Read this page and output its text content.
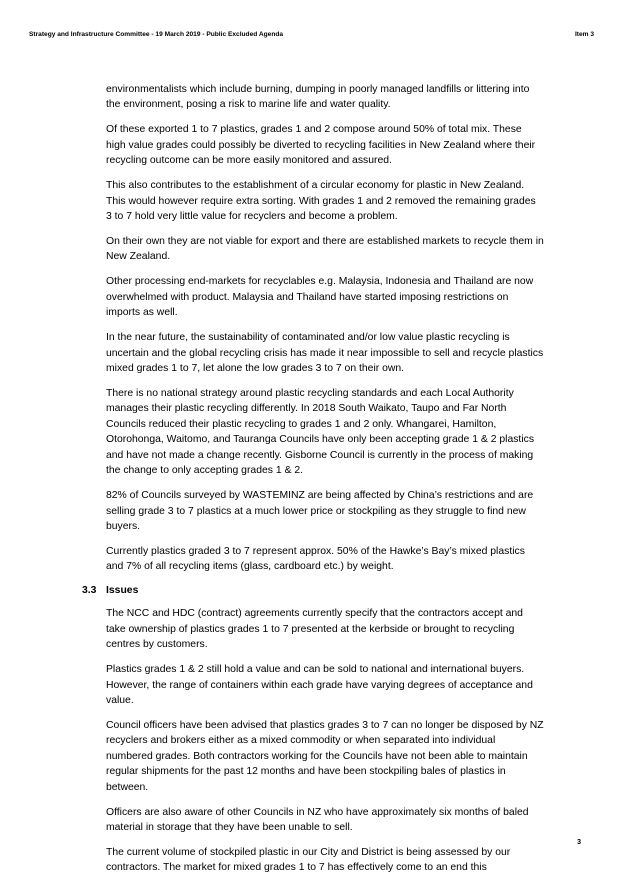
Strategy and Infrastructure Committee - 19 March 2019 - Public Excluded Agenda	Item 3

environmentalists which include burning, dumping in poorly managed landfills or littering into the environment, posing a risk to marine life and water quality.

Of these exported 1 to 7 plastics, grades 1 and 2 compose around 50% of total mix. These high value grades could possibly be diverted to recycling facilities in New Zealand where their recycling outcome can be more easily monitored and assured.

This also contributes to the establishment of a circular economy for plastic in New Zealand. This would however require extra sorting. With grades 1 and 2 removed the remaining grades 3 to 7 hold very little value for recyclers and become a problem.

On their own they are not viable for export and there are established markets to recycle them in New Zealand.

Other processing end-markets for recyclables e.g. Malaysia, Indonesia and Thailand are now overwhelmed with product. Malaysia and Thailand have started imposing restrictions on imports as well.

In the near future, the sustainability of contaminated and/or low value plastic recycling is uncertain and the global recycling crisis has made it near impossible to sell and recycle plastics mixed grades 1 to 7, let alone the low grades 3 to 7 on their own.

There is no national strategy around plastic recycling standards and each Local Authority manages their plastic recycling differently. In 2018 South Waikato, Taupo and Far North Councils reduced their plastic recycling to grades 1 and 2 only. Whangarei, Hamilton, Otorohonga, Waitomo, and Tauranga Councils have only been accepting grade 1 & 2 plastics and have not made a change recently. Gisborne Council is currently in the process of making the change to only accepting grades 1 & 2.

82% of Councils surveyed by WASTEMINZ are being affected by China’s restrictions and are selling grade 3 to 7 plastics at a much lower price or stockpiling as they struggle to find new buyers.

Currently plastics graded 3 to 7 represent approx. 50% of the Hawke’s Bay’s mixed plastics and 7% of all recycling items (glass, cardboard etc.) by weight.

3.3 Issues

The NCC and HDC (contract) agreements currently specify that the contractors accept and take ownership of plastics grades 1 to 7 presented at the kerbside or brought to recycling centres by customers.

Plastics grades 1 & 2 still hold a value and can be sold to national and international buyers. However, the range of containers within each grade have varying degrees of acceptance and value.

Council officers have been advised that plastics grades 3 to 7 can no longer be disposed by NZ recyclers and brokers either as a mixed commodity or when separated into individual numbered grades. Both contractors working for the Councils have not been able to maintain regular shipments for the past 12 months and have been stockpiling bales of plastics in between.

Officers are also aware of other Councils in NZ who have approximately six months of baled material in storage that they have been unable to sell.

The current volume of stockpiled plastic in our City and District is being assessed by our contractors. The market for mixed grades 1 to 7 has effectively come to an end this

3
